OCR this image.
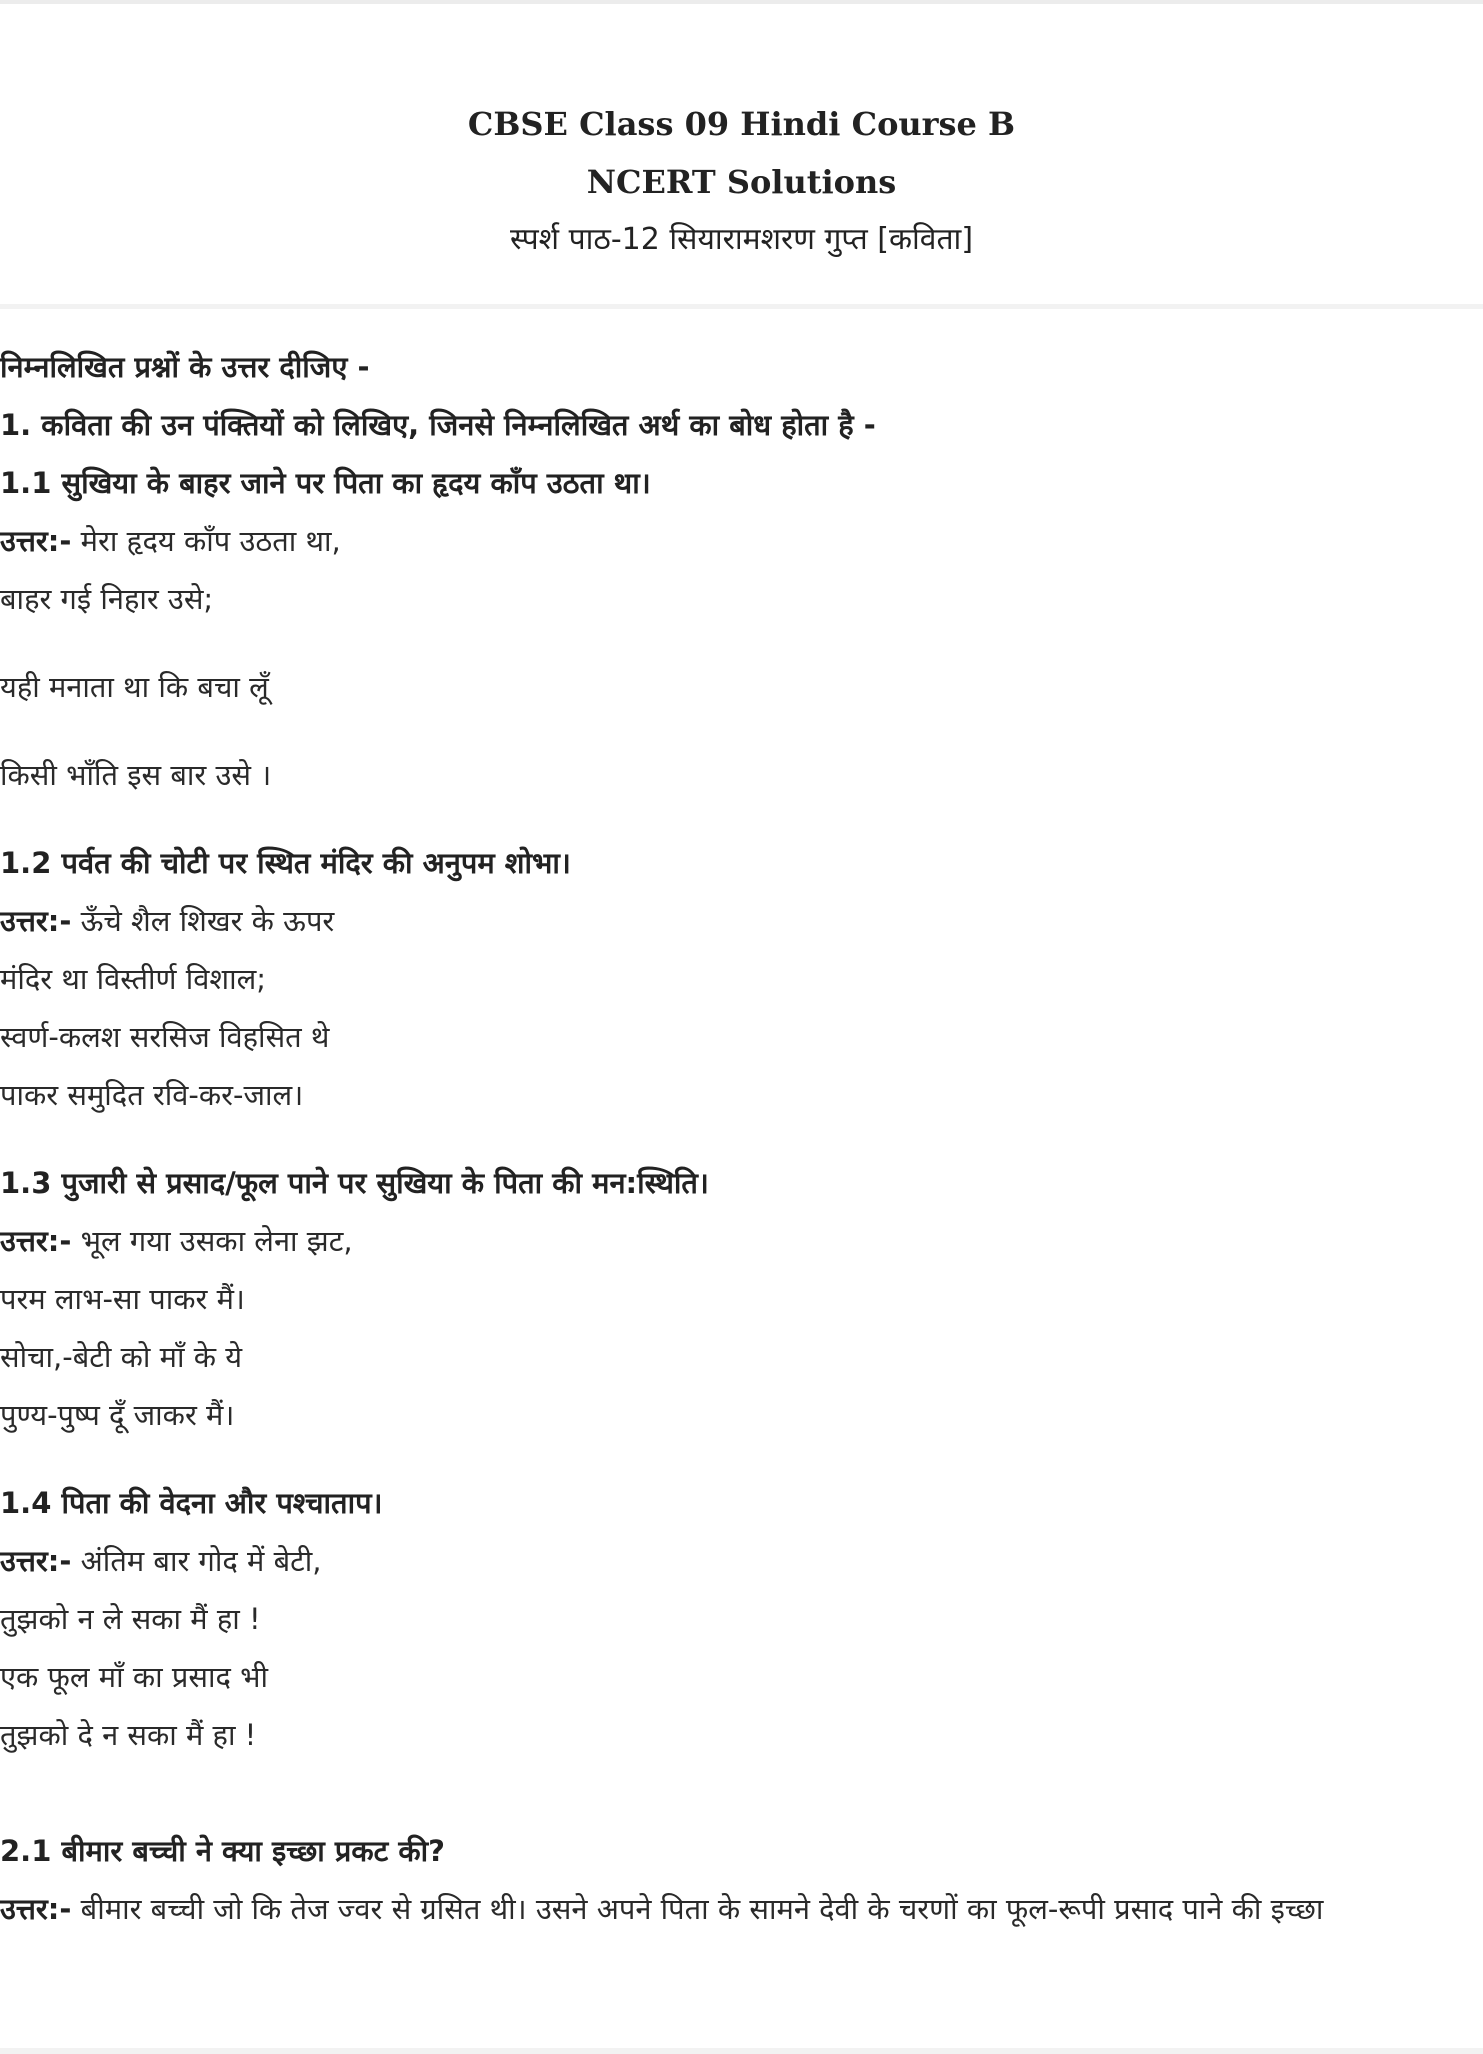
CBSE Class 09 Hindi Course B
NCERT Solutions
स्पर्श पाठ-12 सियारामशरण गुप्त [कविता]
निम्नलिखित प्रश्नों के उत्तर दीजिए -
1. कविता की उन पंक्तियों को लिखिए, जिनसे निम्नलिखित अर्थ का बोध होता है -
1.1 सुखिया के बाहर जाने पर पिता का हृदय काँप उठता था।
उत्तर:- मेरा हृदय काँप उठता था,
बाहर गई निहार उसे;
यही मनाता था कि बचा लूँ
किसी भाँति इस बार उसे ।
1.2 पर्वत की चोटी पर स्थित मंदिर की अनुपम शोभा।
उत्तर:- ऊँचे शैल शिखर के ऊपर
मंदिर था विस्तीर्ण विशाल;
स्वर्ण-कलश सरसिज विहसित थे
पाकर समुदित रवि-कर-जाल।
1.3 पुजारी से प्रसाद/फूल पाने पर सुखिया के पिता की मन:स्थिति।
उत्तर:- भूल गया उसका लेना झट,
परम लाभ-सा पाकर मैं।
सोचा,-बेटी को माँ के ये
पुण्य-पुष्प दूँ जाकर मैं।
1.4 पिता की वेदना और पश्चाताप।
उत्तर:- अंतिम बार गोद में बेटी,
तुझको न ले सका मैं हा !
एक फूल माँ का प्रसाद भी
तुझको दे न सका मैं हा !
2.1 बीमार बच्ची ने क्या इच्छा प्रकट की?
उत्तर:- बीमार बच्ची जो कि तेज ज्वर से ग्रसित थी। उसने अपने पिता के सामने देवी के चरणों का फूल-रूपी प्रसाद पाने की इच्छा
